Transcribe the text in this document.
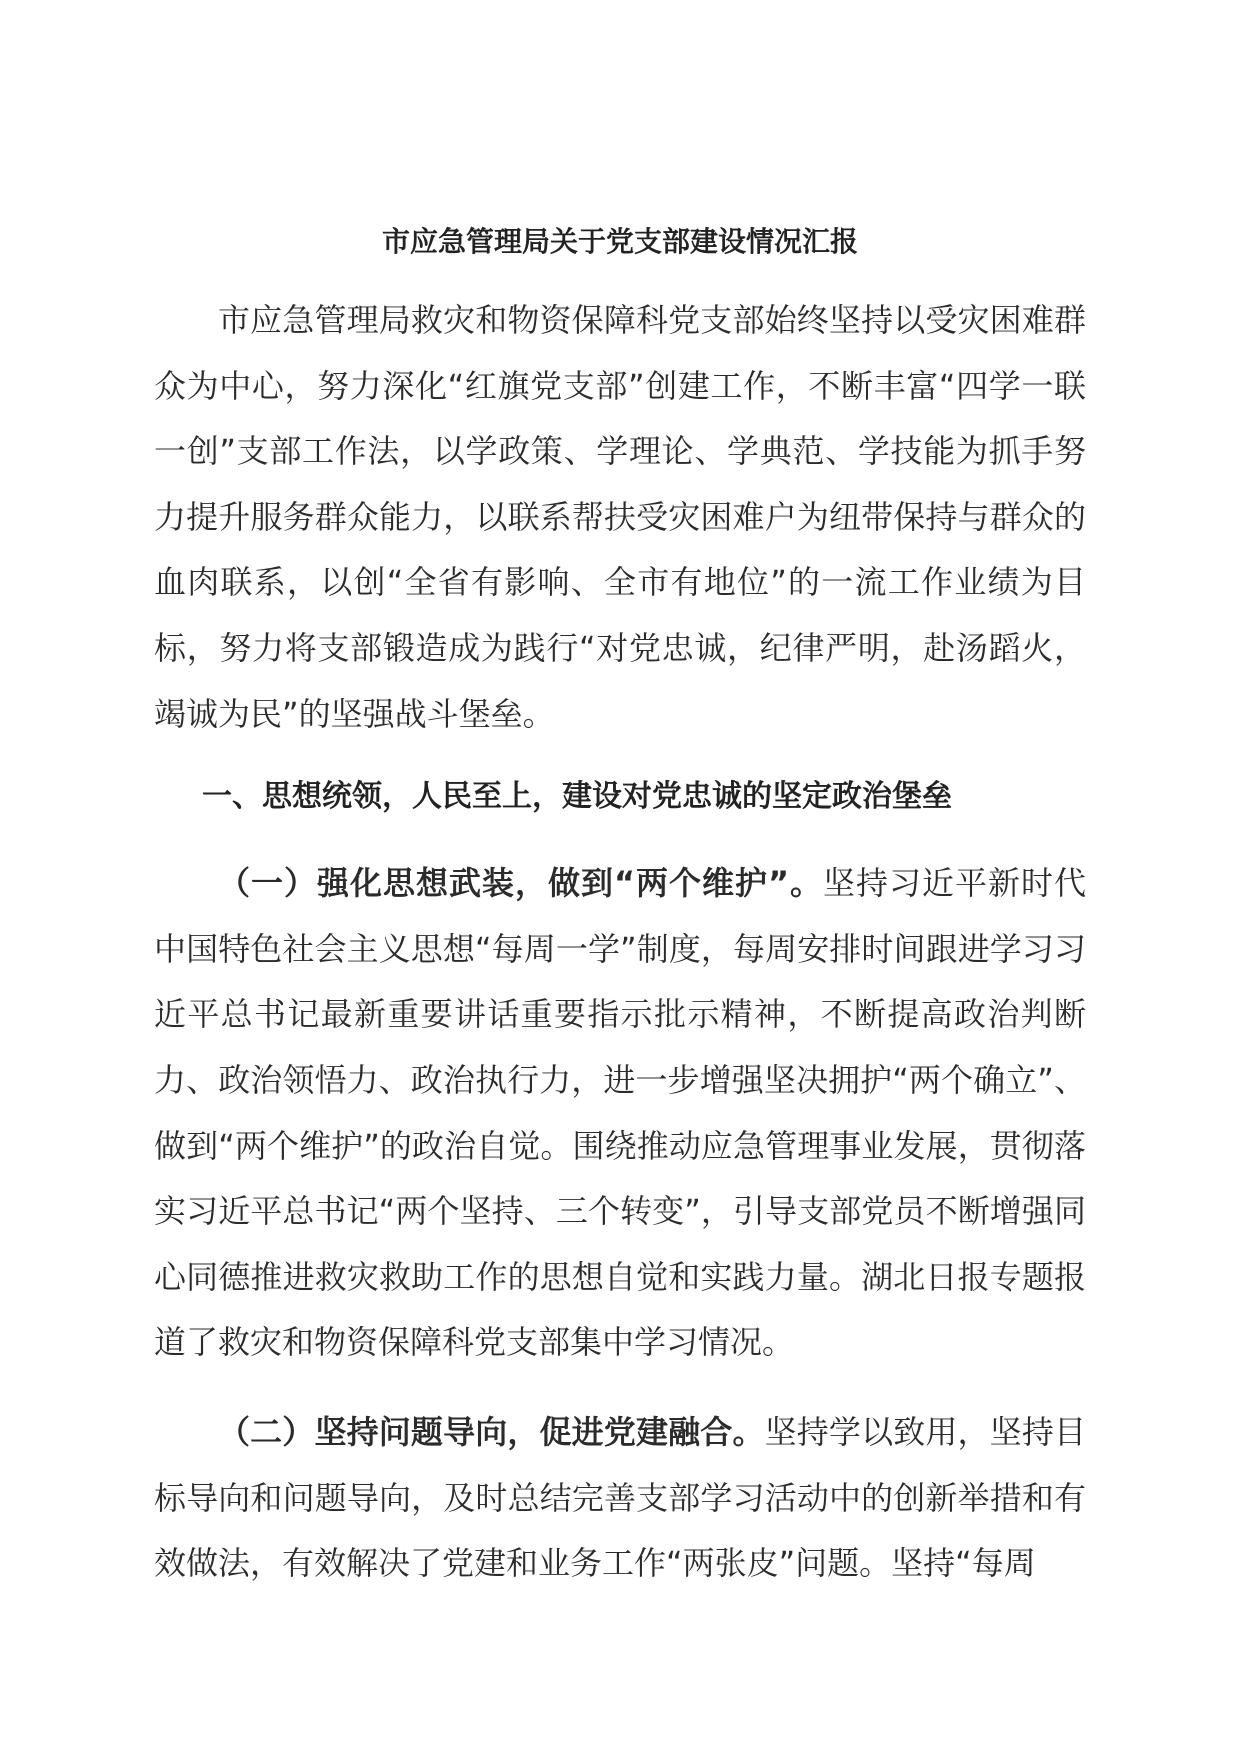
市应急管理局关于党支部建设情况汇报

市应急管理局救灾和物资保障科党支部始终坚持以受灾困难群众为中心，努力深化“红旗党支部”创建工作，不断丰富“四学一联一创”支部工作法，以学政策、学理论、学典范、学技能为抓手努力提升服务群众能力，以联系帮扶受灾困难户为纽带保持与群众的血肉联系，以创“全省有影响、全市有地位”的一流工作业绩为目标，努力将支部锻造成为践行“对党忠诚，纪律严明，赴汤蹈火，竭诚为民”的坚强战斗堡垒。

一、思想统领，人民至上，建设对党忠诚的坚定政治堡垒

（一）强化思想武装，做到“两个维护”。坚持习近平新时代中国特色社会主义思想“每周一学”制度，每周安排时间跟进学习习近平总书记最新重要讲话重要指示批示精神，不断提高政治判断力、政治领悟力、政治执行力，进一步增强坚决拥护“两个确立”、做到“两个维护”的政治自觉。围绕推动应急管理事业发展，贯彻落实习近平总书记“两个坚持、三个转变”，引导支部党员不断增强同心同德推进救灾救助工作的思想自觉和实践力量。湖北日报专题报道了救灾和物资保障科党支部集中学习情况。

（二）坚持问题导向，促进党建融合。坚持学以致用，坚持目标导向和问题导向，及时总结完善支部学习活动中的创新举措和有效做法，有效解决了党建和业务工作“两张皮”问题。坚持“每周
